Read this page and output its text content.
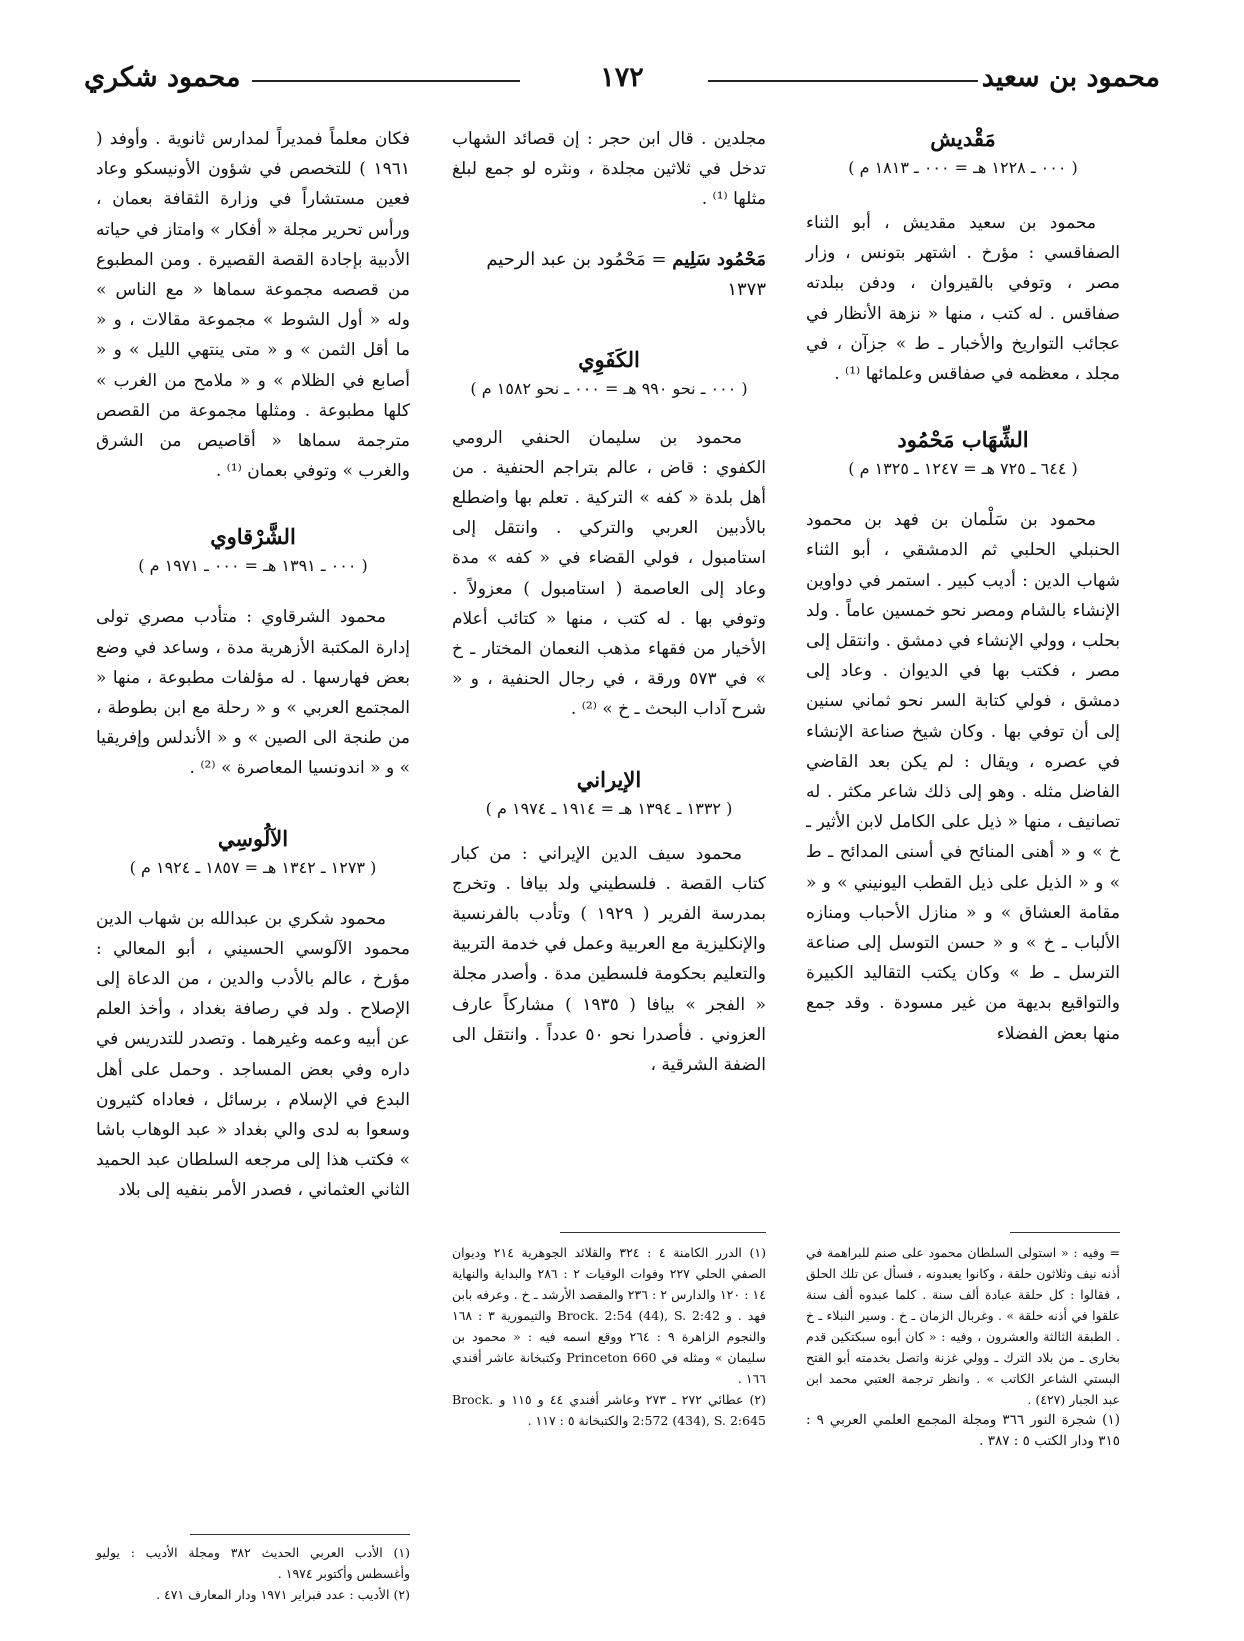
محمود بن سعيد
١٧٢
محمود شكري
مَقْديش
( ٠٠٠ ـ ١٢٢٨ هـ = ٠٠٠ ـ ١٨١٣ م )

محمود بن سعيد مقديش ، أبو الثناء الصفاقسي : مؤرخ . اشتهر بتونس ، وزار مصر ، وتوفي بالقيروان ، ودفن ببلدته صفاقس . له كتب ، منها « نزهة الأنظار في عجائب التواريخ والأخبار ـ ط » جزآن ، في مجلد ، معظمه في صفاقس وعلمائها ⁽¹⁾ .

الشِّهَاب مَحْمُود
( ٦٤٤ ـ ٧٢٥ هـ = ١٢٤٧ ـ ١٣٢٥ م )

محمود بن سَلْمان بن فهد بن محمود الحنبلي الحلبي ثم الدمشقي ، أبو الثناء شهاب الدين : أديب كبير . استمر في دواوين الإنشاء بالشام ومصر نحو خمسين عاماً . ولد بحلب ، وولي الإنشاء في دمشق . وانتقل إلى مصر ، فكتب بها في الديوان . وعاد إلى دمشق ، فولي كتابة السر نحو ثماني سنين إلى أن توفي بها . وكان شيخ صناعة الإنشاء في عصره ، ويقال : لم يكن بعد القاضي الفاضل مثله . وهو إلى ذلك شاعر مكثر . له تصانيف ، منها « ذيل على الكامل لابن الأثير ـ خ » و « أهنى المنائح في أسنى المدائح ـ ط » و « الذيل على ذيل القطب اليونيني » و « مقامة العشاق » و « منازل الأحباب ومنازه الألباب ـ خ » و « حسن التوسل إلى صناعة الترسل ـ ط » وكان يكتب التقاليد الكبيرة والتواقيع بديهة من غير مسودة . وقد جمع منها بعض الفضلاء

مجلدين . قال ابن حجر : إن قصائد الشهاب تدخل في ثلاثين مجلدة ، ونثره لو جمع لبلغ مثلها ⁽¹⁾ .

مَحْمُود سَلِيم = مَحْمُود بن عبد الرحيم ١٣٧٣
الكَفَوِي
( ٠٠٠ ـ نحو ٩٩٠ هـ = ٠٠٠ ـ نحو ١٥٨٢ م )

محمود بن سليمان الحنفي الرومي الكفوي : قاض ، عالم بتراجم الحنفية . من أهل بلدة « كفه » التركية . تعلم بها واضطلع بالأدبين العربي والتركي . وانتقل إلى استامبول ، فولي القضاء في « كفه » مدة وعاد إلى العاصمة ( استامبول ) معزولاً . وتوفي بها . له كتب ، منها « كتائب أعلام الأخيار من فقهاء مذهب النعمان المختار ـ خ » في ٥٧٣ ورقة ، في رجال الحنفية ، و « شرح آداب البحث ـ خ » ⁽²⁾ .

الإيراني
( ١٣٣٢ ـ ١٣٩٤ هـ = ١٩١٤ ـ ١٩٧٤ م )

محمود سيف الدين الإيراني : من كبار كتاب القصة . فلسطيني ولد بيافا . وتخرج بمدرسة الفرير ( ١٩٢٩ ) وتأدب بالفرنسية والإنكليزية مع العربية وعمل في خدمة التربية والتعليم بحكومة فلسطين مدة . وأصدر مجلة « الفجر » بيافا ( ١٩٣٥ ) مشاركاً عارف العزوني . فأصدرا نحو ٥٠ عدداً . وانتقل الى الضفة الشرقية ،

فكان معلماً فمديراً لمدارس ثانوية . وأوفد ( ١٩٦١ ) للتخصص في شؤون الأونيسكو وعاد فعين مستشاراً في وزارة الثقافة بعمان ، ورأس تحرير مجلة « أفكار » وامتاز في حياته الأدبية بإجادة القصة القصيرة . ومن المطبوع من قصصه مجموعة سماها « مع الناس » وله « أول الشوط » مجموعة مقالات ، و « ما أقل الثمن » و « متى ينتهي الليل » و « أصابع في الظلام » و « ملامح من الغرب » كلها مطبوعة . ومثلها مجموعة من القصص مترجمة سماها « أقاصيص من الشرق والغرب » وتوفي بعمان ⁽¹⁾ .

الشَّرْقاوي
( ٠٠٠ ـ ١٣٩١ هـ = ٠٠٠ ـ ١٩٧١ م )

محمود الشرقاوي : متأدب مصري تولى إدارة المكتبة الأزهرية مدة ، وساعد في وضع بعض فهارسها . له مؤلفات مطبوعة ، منها « المجتمع العربي » و « رحلة مع ابن بطوطة ، من طنجة الى الصين » و « الأندلس وإفريقيا » و « اندونسيا المعاصرة » ⁽²⁾ .

الآلُوسِي
( ١٢٧٣ ـ ١٣٤٢ هـ = ١٨٥٧ ـ ١٩٢٤ م )

محمود شكري بن عبدالله بن شهاب الدين محمود الآلوسي الحسيني ، أبو المعالي : مؤرخ ، عالم بالأدب والدين ، من الدعاة إلى الإصلاح . ولد في رصافة بغداد ، وأخذ العلم عن أبيه وعمه وغيرهما . وتصدر للتدريس في داره وفي بعض المساجد . وحمل على أهل البدع في الإسلام ، برسائل ، فعاداه كثيرون وسعوا به لدى والي بغداد « عبد الوهاب باشا » فكتب هذا إلى مرجعه السلطان عبد الحميد الثاني العثماني ، فصدر الأمر بنفيه إلى بلاد

= وفيه : « استولى السلطان محمود على صنم للبراهمة في أذنه نيف وثلاثون حلقة ، وكانوا يعبدونه ، فسأل عن تلك الحلق ، فقالوا : كل حلقة عبادة ألف سنة . كلما عبدوه ألف سنة علقوا في أذنه حلقة » . وغربال الزمان ـ خ . وسير النبلاء ـ خ . الطبقة الثالثة والعشرون ، وفيه : « كان أبوه سبكتكين قدم بخارى ـ من بلاد الترك ـ وولي غزنة واتصل بخدمته أبو الفتح البستي الشاعر الكاتب » . وانظر ترجمة العتبي محمد ابن عبد الجبار (٤٢٧) .
(١) شجرة النور ٣٦٦ ومجلة المجمع العلمي العربي ٩ : ٣١٥ ودار الكتب ٥ : ٣٨٧ .
(١) الدرر الكامنة ٤ : ٣٢٤ والقلائد الجوهرية ٢١٤ وديوان الصفي الحلي ٢٢٧ وفوات الوفيات ٢ : ٢٨٦ والبداية والنهاية ١٤ : ١٢٠ والدارس ٢ : ٢٣٦ والمقصد الأرشد ـ خ . وعرفه بابن فهد . و Brock. 2:54 (44), S. 2:42 والتيمورية ٣ : ١٦٨ والنجوم الزاهرة ٩ : ٢٦٤ ووقع اسمه فيه : « محمود بن سليمان » ومثله في Princeton 660 وكتبخانة عاشر أفندي ١٦٦ .
(٢) عطائي ٢٧٢ ـ ٢٧٣ وعاشر أفندي ٤٤ و ١١٥ و Brock. 2:572 (434), S. 2:645 والكتبخانة ٥ : ١١٧ .
(١) الأدب العربي الحديث ٣٨٢ ومجلة الأديب : يوليو وأغسطس وأكتوبر ١٩٧٤ .
(٢) الأديب : عدد فبراير ١٩٧١ ودار المعارف ٤٧١ .
